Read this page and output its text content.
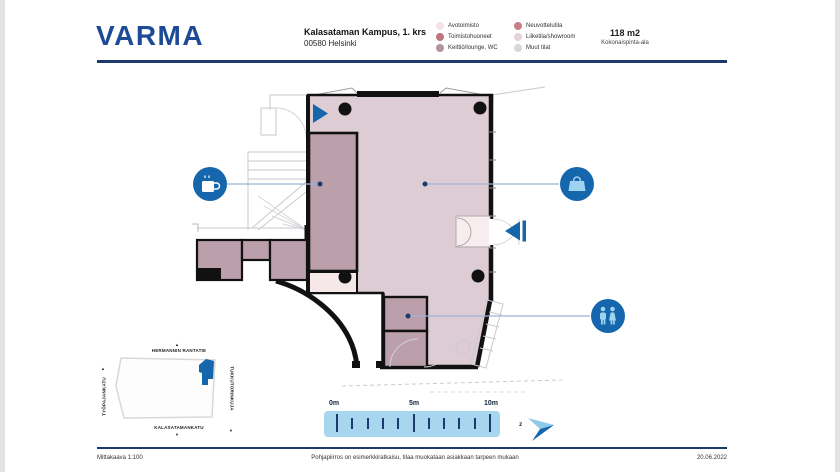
VARMA	Kalasataman Kampus, 1. krs
00580 Helsinki
Avotoimisto
Toimistohuoneet
Keittiö/lounge, WC
Neuvottelutila
Liiketila/showroom
Muut tilat
118 m2
Kokonaispinta-ala
▲
HERMANNIN RANTATIE
KALASATAMANKATU
▼
TYÖPAJANKATU
▲	TUKKUTORINKUJA
▼
0m	5m	10m
z
Mittakaava 1:100	Pohjapiirros on esimerkkiratkaisu, tilaa muokataan asiakkaan tarpeen mukaan	20.06.2022
